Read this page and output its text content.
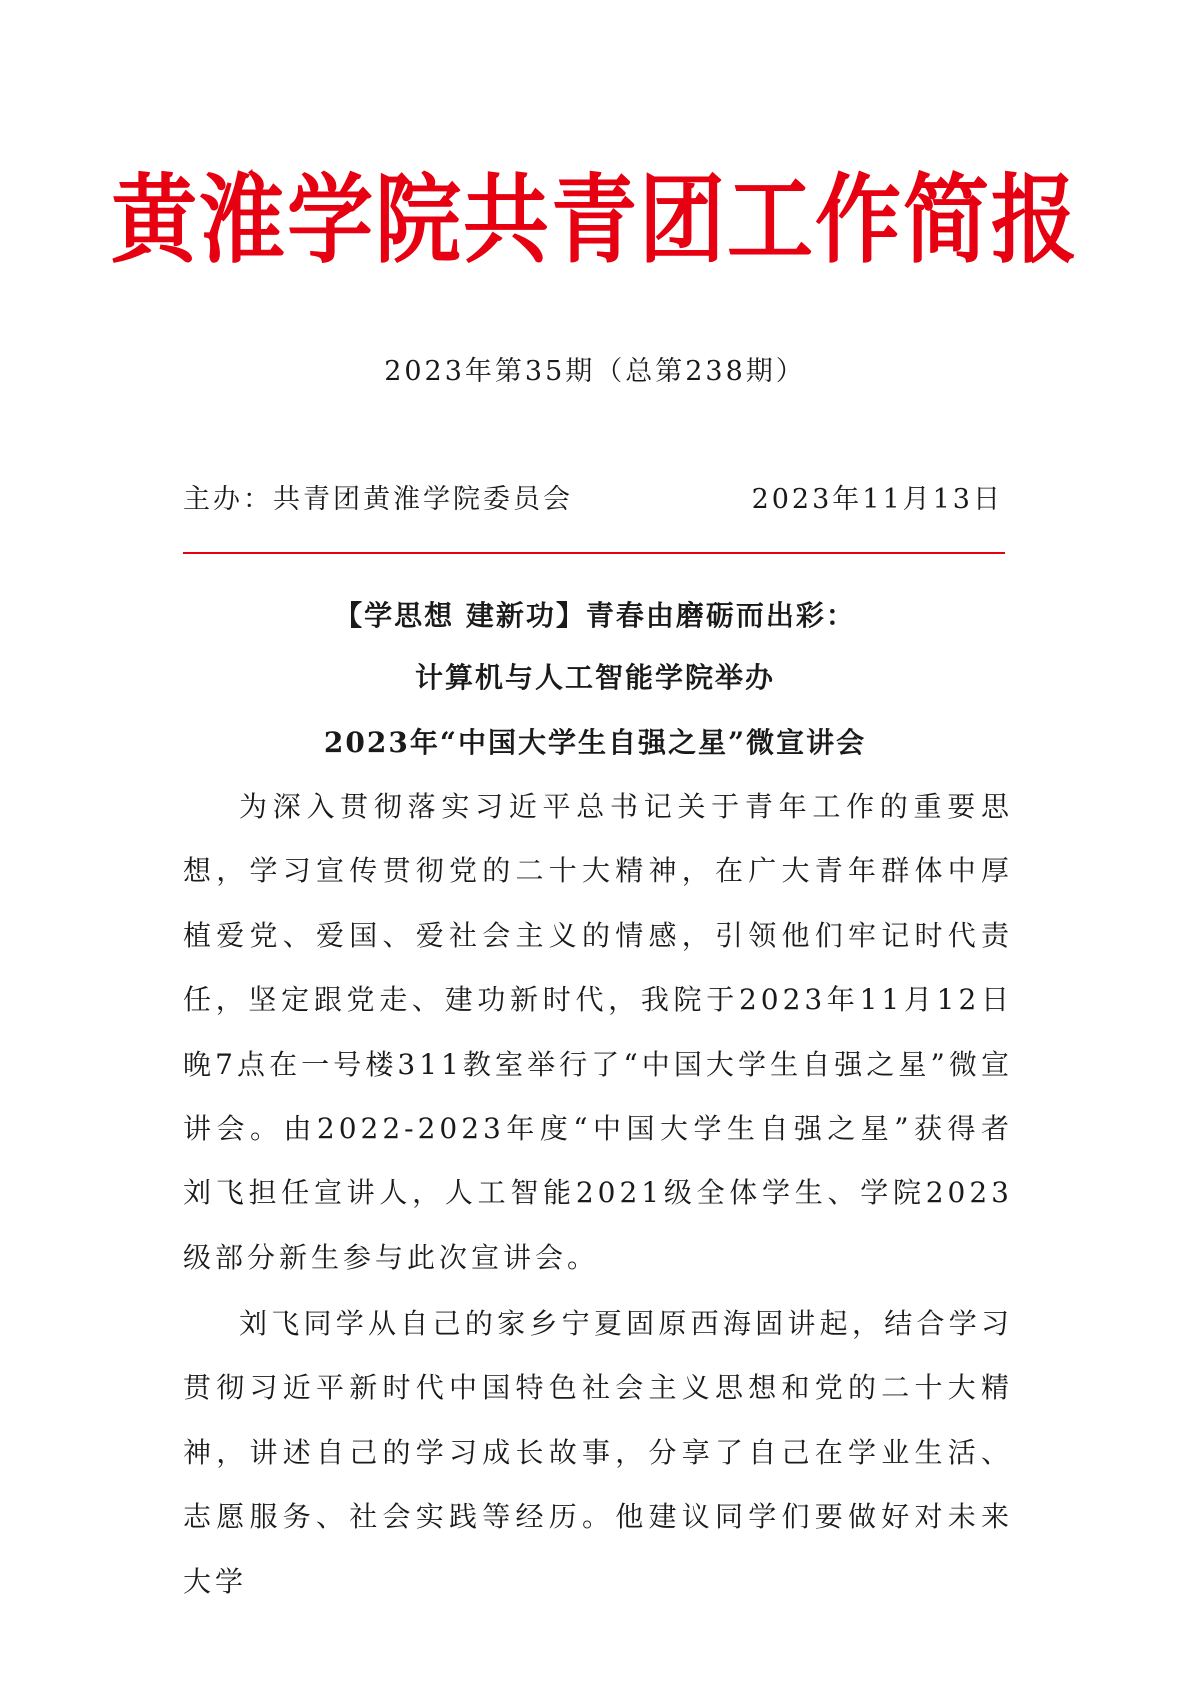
黄淮学院共青团工作简报
2023年第35期（总第238期）
主办：共青团黄淮学院委员会	2023年11月13日
【学思想 建新功】青春由磨砺而出彩：
计算机与人工智能学院举办
2023年“中国大学生自强之星”微宣讲会

为深入贯彻落实习近平总书记关于青年工作的重要思想，学习宣传贯彻党的二十大精神，在广大青年群体中厚植爱党、爱国、爱社会主义的情感，引领他们牢记时代责任，坚定跟党走、建功新时代，我院于2023年11月12日晚7点在一号楼311教室举行了“中国大学生自强之星”微宣讲会。由2022-2023年度“中国大学生自强之星”获得者刘飞担任宣讲人，人工智能2021级全体学生、学院2023级部分新生参与此次宣讲会。

刘飞同学从自己的家乡宁夏固原西海固讲起，结合学习贯彻习近平新时代中国特色社会主义思想和党的二十大精神，讲述自己的学习成长故事，分享了自己在学业生活、志愿服务、社会实践等经历。他建议同学们要做好对未来大学
